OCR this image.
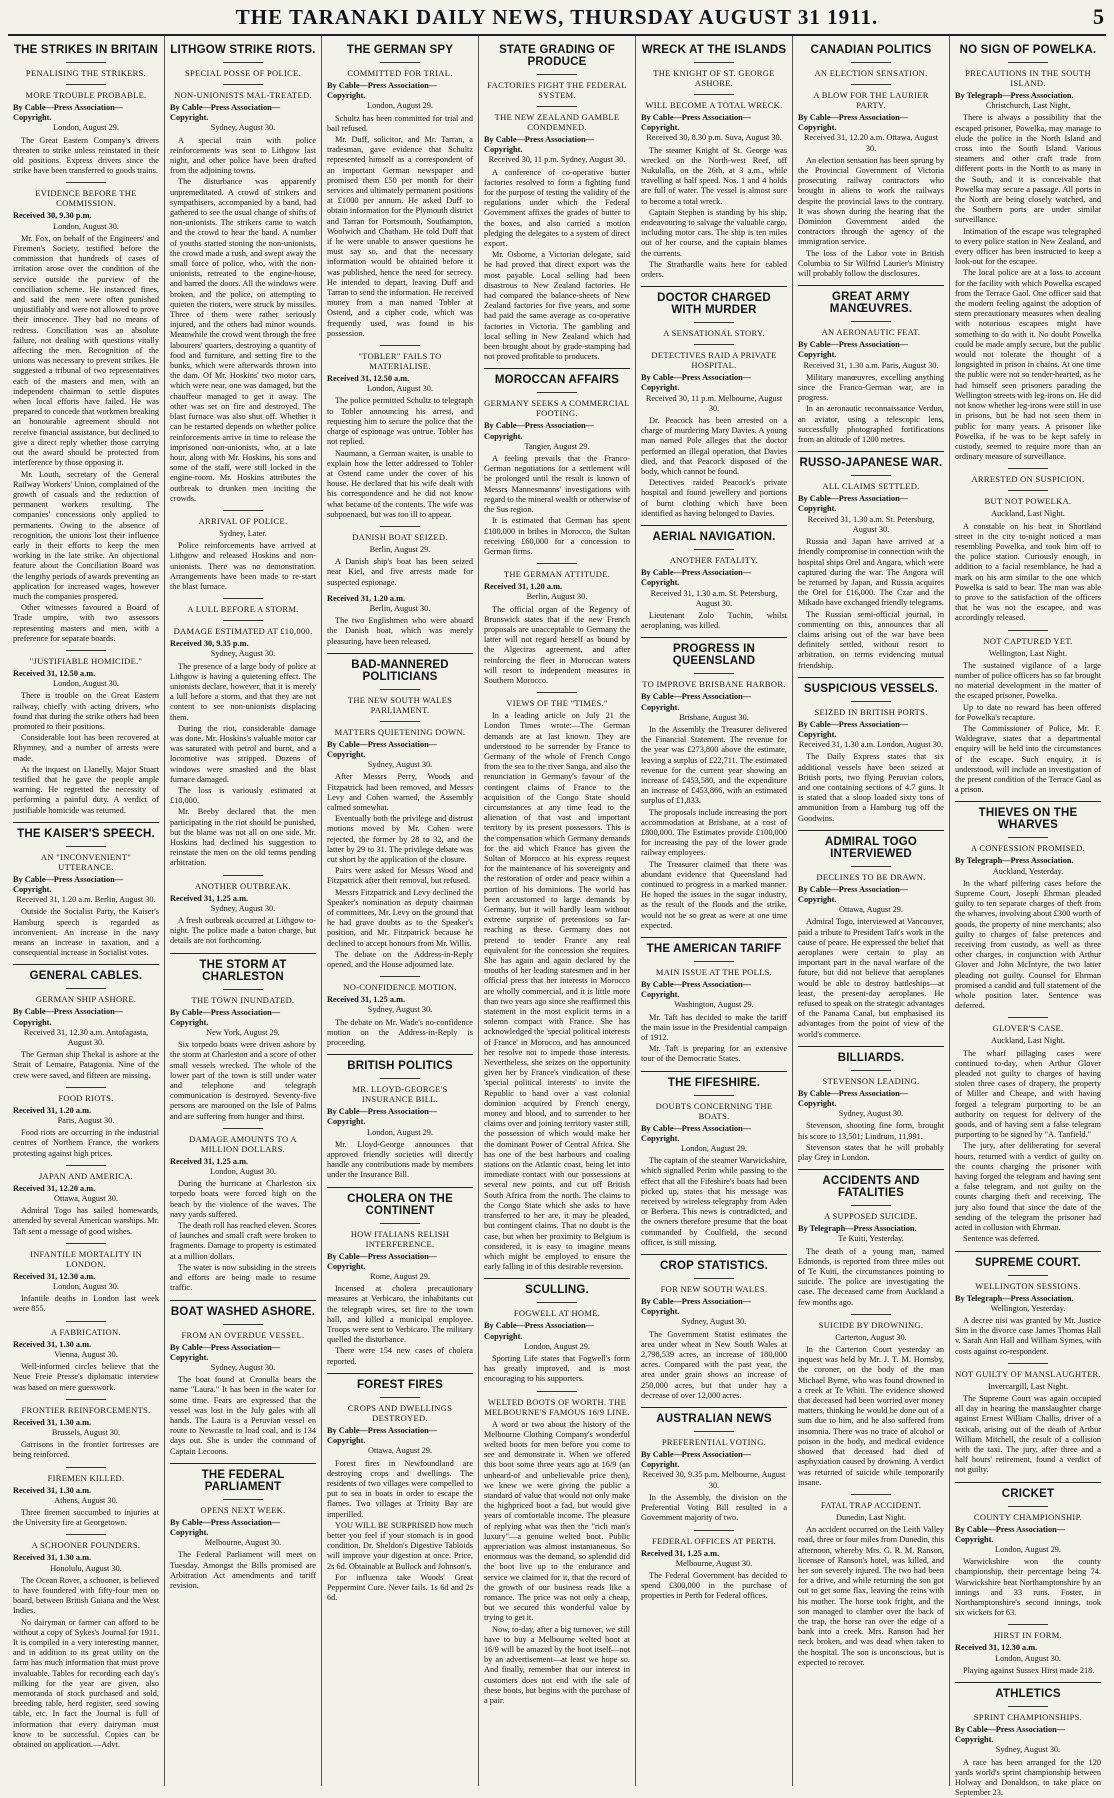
THE TARANAKI DAILY NEWS, THURSDAY AUGUST 31 1911.	5
THE STRIKES IN BRITAIN
PENALISING THE STRIKERS.
MORE TROUBLE PROBABLE.
By Cable—Press Association—Copyright.
London, August 29.

The Great Eastern Company's drivers threaten to strike unless reinstated in their old positions. Express drivers since the strike have been transferred to goods trains.

EVIDENCE BEFORE THE COMMISSION.
Received 30, 9.30 p.m.
London, August 30.

Mr. Fox, on behalf of the Engineers' and Firemen's Society, testified before the commission that hundreds of cases of irritation arose over the condition of the service outside the purview of the conciliation scheme. He instanced fines, and said the men were often punished unjustifiably and were not allowed to prove their innocence. They had no means of redress. Conciliation was an absolute failure, not dealing with questions vitally affecting the men. Recognition of the unions was necessary to prevent strikes. He suggested a tribunal of two representatives each of the masters and men, with an independent chairman to settle disputes when local efforts have failed. He was prepared to concede that workmen breaking an honourable agreement should not receive financial assistance, but declined to give a direct reply whether those carrying out the award should be protected from interference by those opposing it.

Mr. Louth, secretary of the General Railway Workers' Union, complained of the growth of casuals and the reduction of permanent workers resulting. The companies' concessions only applied to permanents. Owing to the absence of recognition, the unions lost their influence early in their efforts to keep the men working in the late strike. An objectional feature about the Conciliation Board was the lengthy periods of awards preventing an application for increased wages, however much the companies prospered.

Other witnesses favoured a Board of Trade umpire, with two assessors representing masters and men, with a preference for separate boards.

"JUSTIFIABLE HOMICIDE."
Received 31, 12.50 a.m.
London, August 30.

There is trouble on the Great Eastern railway, chiefly with acting drivers, who found that during the strike others had been promoted to their positions.

Considerable loot has been recovered at Rhymney, and a number of arrests were made.

At the inquest on Llanelly, Major Stuart testified that he gave the people ample warning. He regretted the necessity of performing a painful duty. A verdict of justifiable homicide was returned.

THE KAISER'S SPEECH.
AN "INCONVENIENT" UTTERANCE.
By Cable—Press Association—Copyright.
Received 31, 1.20 a.m. Berlin, August 30.

Outside the Socialist Party, the Kaiser's Hamburg speech is regarded as inconvenient. An increase in the navy means an increase in taxation, and a consequential increase in Socialist votes.

GENERAL CABLES.
GERMAN SHIP ASHORE.
By Cable—Press Association—Copyright.
Received 31, 12.30 a.m. Antofagasta, August 30.

The German ship Thekal is ashore at the Strait of Lemaire, Patagonia. Nine of the crew were saved, and fifteen are missing.

FOOD RIOTS.
Received 31, 1.20 a.m.
Paris, August 30.

Food riots are occurring in the industrial centres of Northern France, the workers protesting against high prices.

JAPAN AND AMERICA.
Received 31, 12.20 a.m.
Ottawa, August 30.

Admiral Togo has sailed homewards, attended by several American warships. Mr. Taft sent a message of good wishes.

INFANTILE MORTALITY IN LONDON.
Received 31, 12.30 a.m.
London, August 30.

Infantile deaths in London last week were 855.

A FABRICATION.
Received 31, 1.30 a.m.
Vienna, August 30.

Well-informed circles believe that the Neue Freie Presse's diplomatic interview was based on mere guesswork.

FRONTIER REINFORCEMENTS.
Received 31, 1.30 a.m.
Brussels, August 30.

Garrisons in the frontier fortresses are being reinforced.

FIREMEN KILLED.
Received 31, 1.30 a.m.
Athens, August 30.

Three firemen succumbed to injuries at the University fire at Georgetown.

A SCHOONER FOUNDERS.
Received 31, 1.30 a.m.
Honolulu, August 30.

The Ocean Rover, a schooner, is believed to have foundered with fifty-four men on board, between British Guiana and the West Indies.

No dairyman or farmer can afford to be without a copy of Sykes's Journal for 1911. It is compiled in a very interesting manner, and in addition to its great utility on the farm has much information that must prove invaluable. Tables for recording each day's milking for the year are given, also memoranda of stock purchased and sold, breeding table, herd register, seed sowing table, etc. In fact the Journal is full of information that every dairyman must know to be successful. Copies can be obtained on application.—Advt.

LITHGOW STRIKE RIOTS.
SPECIAL POSSE OF POLICE.
NON-UNIONISTS MAL-TREATED.
By Cable—Press Association—Copyright.
Sydney, August 30.

A special train with police reinforcements was sent to Lithgow last night, and other police have been drafted from the adjoining towns.

The disturbance was apparently unpremeditated. A crowd of strikers and sympathisers, accompanied by a band, had gathered to see the usual change of shifts of non-unionists. The strikers came to watch and the crowd to hear the band. A number of youths started stoning the non-unionists, the crowd made a rush, and swept away the small force of police, who, with the non-unionists, retreated to the engine-house, and barred the doors. All the windows were broken, and the police, on attempting to quieten the rioters, were struck by missiles. Three of them were rather seriously injured, and the others had minor wounds. Meanwhile the crowd went through the free labourers' quarters, destroying a quantity of food and furniture, and setting fire to the bunks, which were afterwards thrown into the dam. Of Mr. Hoskins' two motor cars, which were near, one was damaged, but the chauffeur managed to get it away. The other was set on fire and destroyed. The blast furnace was also shut off. Whether it can be restarted depends on whether police reinforcements arrive in time to release the imprisoned non-unionists, who, at a late hour, along with Mr. Hoskins, his sons and some of the staff, were still locked in the engine-room. Mr. Hoskins attributes the outbreak to drunken men inciting the crowds.

ARRIVAL OF POLICE.
Sydney, Later.

Police reinforcements have arrived at Lithgow and released Hoskins and non-unionists. There was no demonstration. Arrangements have been made to re-start the blast furnace.

A LULL BEFORE A STORM.
DAMAGE ESTIMATED AT £10,000.
Received 30, 9.35 p.m.
Sydney, August 30.

The presence of a large body of police at Lithgow is having a quietening effect. The unionists declare, however, that it is merely a lull before a storm, and that they are not content to see non-unionists displacing them.

During the riot, considerable damage was done. Mr. Hoskins's valuable motor car was saturated with petrol and burnt, and a locomotive was stripped. Dozens of windows were smashed and the blast furnace damaged.

The loss is variously estimated at £10,000.

Mr. Beeby declared that the men participating in the riot should be punished, but the blame was not all on one side. Mr. Hoskins had declined his suggestion to reinstate the men on the old terms pending arbitration.

ANOTHER OUTBREAK.
Received 31, 1.25 a.m.
Sydney, August 30.

A fresh outbreak occurred at Lithgow to-night. The police made a baton charge, but details are not forthcoming.

THE STORM AT CHARLESTON
THE TOWN INUNDATED.
By Cable—Press Association—Copyright.
New York, August 29.

Six torpedo boats were driven ashore by the storm at Charleston and a score of other small vessels wrecked. The whole of the lower part of the town is still under water and telephone and telegraph communication is destroyed. Seventy-five persons are marooned on the Isle of Palms and are suffering from hunger and thirst.

DAMAGE AMOUNTS TO A MILLION DOLLARS.
Received 31, 1.25 a.m.
London, August 30.

During the hurricane at Charleston six torpedo boats were forced high on the beach by the violence of the waves. The navy yards suffered.

The death roll has reached eleven. Scores of launches and small craft were broken to fragments. Damage to property is estimated at a million dollars.

The water is now subsiding in the streets and efforts are being made to resume traffic.

BOAT WASHED ASHORE.
FROM AN OVERDUE VESSEL.
By Cable—Press Association—Copyright.
Sydney, August 30.

The boat found at Cronulla bears the name "Laura." It has been in the water for some time. Fears are expressed that the vessel was lost in the July gales with all hands. The Laura is a Peruvian vessel en route to Newcastle to load coal, and is 134 days out. She is under the command of Captain Lecoons.

THE FEDERAL PARLIAMENT
OPENS NEXT WEEK.
By Cable—Press Association—Copyright.
Melbourne, August 30.

The Federal Parliament will meet on Tuesday. Amongst the Bills promised are Arbitration Act amendments and tariff revision.

THE GERMAN SPY
COMMITTED FOR TRIAL.
By Cable—Press Association—Copyright.
London, August 29.

Schultz has been committed for trial and bail refused.

Mr. Duff, solicitor, and Mr. Tarran, a tradesman, gave evidence that Schultz represented himself as a correspondent of an important German newspaper and promised them £50 per month for their services and ultimately permanent positions at £1000 per annum. He asked Duff to obtain information for the Plymouth district and Tarran for Portsmouth, Southampton, Woolwich and Chatham. He told Duff that if he were unable to answer questions he must say so, and that the necessary information would be obtained before it was published, hence the need for secrecy. He intended to depart, leaving Duff and Tarran to send the information. He received money from a man named Tobler at Ostend, and a cipher code, which was frequently used, was found in his possession.

"TOBLER" FAILS TO MATERIALISE.
Received 31, 12.50 a.m.
London, August 30.

The police permitted Schultz to telegraph to Tobler announcing his arrest, and requesting him to secure the police that the charge of espionage was untrue. Tobler has not replied.

Naumann, a German waiter, is unable to explain how the letter addressed to Tobler at Ostend came under the cover of his house. He declared that his wife dealt with his correspondence and he did not know what became of the contents. The wife was subpoenaed, but was too ill to appear.

DANISH BOAT SEIZED.
Berlin, August 29.

A Danish ship's boat has been seized near Kiel, and five arrests made for suspected espionage.

Received 31, 1.20 a.m.
Berlin, August 30.

The two Englishmen who were aboard the Danish boat, which was merely pleasuring, have been released.

BAD-MANNERED POLITICIANS
THE NEW SOUTH WALES PARLIAMENT.
MATTERS QUIETENING DOWN.
By Cable—Press Association—Copyright.
Sydney, August 30.

After Messrs Perry, Woods and Fitzpatrick had been removed, and Messrs Levy and Cohen warned, the Assembly calmed somewhat.

Eventually both the privilege and distrust motions moved by Mr. Cohen were rejected, the former by 28 to 32, and the latter by 29 to 31. The privilege debate was cut short by the application of the closure.

Pairs were asked for Messrs Wood and Fitzpatrick after their removal, but refused.

Messrs Fitzpatrick and Levy declined the Speaker's nomination as deputy chairman of committees, Mr. Levy on the ground that he had grave doubts as to the Speaker's position, and Mr. Fitzpatrick because he declined to accept honours from Mr. Willis.

The debate on the Address-in-Reply opened, and the House adjourned late.

NO-CONFIDENCE MOTION.
Received 31, 1.25 a.m.
Sydney, August 30.

The debate on Mr. Wade's no-confidence motion on the Address-in-Reply is proceeding.

BRITISH POLITICS
MR. LLOYD-GEORGE'S INSURANCE BILL.
By Cable—Press Association—Copyright.
London, August 29.

Mr. Lloyd-George announces that approved friendly societies will directly handle any contributions made by members under the Insurance Bill.

CHOLERA ON THE CONTINENT
HOW ITALIANS RELISH INTERFERENCE.
By Cable—Press Association—Copyright.
Rome, August 29.

Incensed at cholera precautionary measures at Verbicaro, the inhabitants cut the telegraph wires, set fire to the town hall, and killed a municipal employee. Troops were sent to Verbicaro. The military quelled the disturbance.

There were 154 new cases of cholera reported.

FOREST FIRES
CROPS AND DWELLINGS DESTROYED.
By Cable—Press Association—Copyright.
Ottawa, August 29.

Forest fires in Newfoundland are destroying crops and dwellings. The residents of two villages were compelled to put to sea in boats in order to escape the flames. Two villages at Trinity Bay are imperilled.

YOU WILL BE SURPRISED how much better you feel if your stomach is in good condition. Dr. Sheldon's Digestive Tabloids will improve your digestion at once. Price, 2s 6d. Obtainable at Bullock and Johnson's.

For influenza take Woods' Great Peppermint Cure. Never fails. 1s 6d and 2s 6d.

STATE GRADING OF PRODUCE
FACTORIES FIGHT THE FEDERAL SYSTEM.
THE NEW ZEALAND GAMBLE CONDEMNED.
By Cable—Press Association—Copyright.
Received 30, 11 p.m. Sydney, August 30.

A conference of co-operative butter factories resolved to form a fighting fund for the purpose of testing the validity of the regulations under which the Federal Government affixes the grades of butter to the boxes, and also carried a motion pledging the delegates to a system of direct export.

Mr. Osborne, a Victorian delegate, said he had proved that direct export was the most payable. Local selling had been disastrous to New Zealand factories. He had compared the balance-sheets of New Zealand factories for five years, and some had paid the same average as co-operative factories in Victoria. The gambling and local selling in New Zealand which had been brought about by grade-stamping had not proved profitable to producers.

MOROCCAN AFFAIRS
GERMANY SEEKS A COMMERCIAL FOOTING.
By Cable—Press Association—Copyright.
Tangier, August 29.

A feeling prevails that the Franco-German negotiations for a settlement will be prolonged until the result is known of Messrs Mannesmanns' investigations with regard to the mineral wealth or otherwise of the Sus region.

It is estimated that German has spent £100,000 in bribes in Morocco, the Sultan receiving £60,000 for a concession to German firms.

THE GERMAN ATTITUDE.
Received 31, 1.20 a.m.
Berlin, August 30.

The official organ of the Regency of Brunswick states that if the new French proposals are unacceptable to Germany the latter will not regard herself as bound by the Algeciras agreement, and after reinforcing the fleet in Moroccan waters will resort to independent measures in Southern Morocco.

VIEWS OF THE "TIMES."

In a leading article on July 21 the London Times wrote:—The German demands are at last known. They are understood to be surrender by France to Germany of the whole of French Congo from the sea to the river Sanga, and also the renunciation in Germany's favour of the contingent claims of France to the acquisition of the Congo State should circumstances at any time lead to the alienation of that vast and important territory by its present possessors. This is the compensation which Germany demands for the aid which France has given the Sultan of Morocco at his express request for the maintenance of his sovereignty and the restoration of order and peace within a portion of his dominions. The world has been accustomed to large demands by Germany, but it will hardly learn without extreme surprise of pretensions so far-reaching as these. Germany does not pretend to tender France any real equivalent for the concession she requires. She has again and again declared by the mouths of her leading statesmen and in her official press that her interests in Morocco are wholly commercial, and it is little more than two years ago since she reaffirmed this statement in the most explicit terms in a solemn compact with France. She has acknowledged the 'special political interests of France' in Morocco, and has announced her resolve not to impede those interests. Nevertheless, she seizes on the opportunity given her by France's vindication of these 'special political interests' to invite the Republic to hand over a vast colonial dominion acquired by French energy, money and blood, and to surrender to her claims over and joining territory vaster still, the possession of which would make her the dominant Power of Central Africa. She has one of the best harbours and coaling stations on the Atlantic coast, being let into immediate contact with our possessions at several new points, and cut off British South Africa from the north. The claims to the Congo State which she asks to have transferred to her are, it may be pleaded, but contingent claims. That no doubt is the case, but when her proximity to Belgium is considered, it is easy to imagine means which might be employed to ensure the early falling in of this desirable reversion.

SCULLING.
FOGWELL AT HOME.
By Cable—Press Association—Copyright.
London, August 29.

Sporting Life states that Fogwell's form has greatly improved, and is most encouraging to his supporters.

WELTED BOOTS OF WORTH. THE MELBOURNE'S FAMOUS 16/9 LINE.

A word or two about the history of the Melbourne Clothing Company's wonderful welted boots for men before you come to see and demonstrate it. When we offered this boot some three years ago at 16/9 (an unheard-of and unbelievable price then), we knew we were giving the public a standard of value that would not only make the highpriced boot a fad, but would give years of comfortable income. The pleasure of replying what was then the "rich man's luxury"—a genuine welted boot. Public appreciation was almost instantaneous. So enormous was the demand, so splendid did the boot live up to the endurance and service we claimed for it, that the record of the growth of our business reads like a romance. The price was not only a cheap, but we secured this wonderful value by trying to get it.

Now, to-day, after a big turnover, we still have to buy a Melbourne welted boot at 16/9 will be amazed by the boot itself—not by an advertisement—at least we hope so. And finally, remember that our interest in customers does not end with the sale of these boots, but begins with the purchase of a pair.

WRECK AT THE ISLANDS
THE KNIGHT OF ST. GEORGE ASHORE.
WILL BECOME A TOTAL WRECK.
By Cable—Press Association—Copyright.
Received 30, 8.30 p.m. Suva, August 30.

The steamer Knight of St. George was wrecked on the North-west Reef, off Nukulalla, on the 26th, at 3 a.m., while travelling at half speed. Nos. 1 and 4 holds are full of water. The vessel is almost sure to become a total wreck.

Captain Stephen is standing by his ship, endeavouring to salvage the valuable cargo, including motor cars. The ship is ten miles out of her course, and the captain blames the currents.

The Strathardle waits here for cabled orders.

DOCTOR CHARGED WITH MURDER
A SENSATIONAL STORY.
DETECTIVES RAID A PRIVATE HOSPITAL.
By Cable—Press Association—Copyright.
Received 30, 11 p.m. Melbourne, August 30.

Dr. Peacock has been arrested on a charge of murdering Mary Davies. A young man named Pole alleges that the doctor performed an illegal operation, that Davies died, and that Peacock disposed of the body, which cannot be found.

Detectives raided Peacock's private hospital and found jewellery and portions of burnt clothing which have been identified as having belonged to Davies.

AERIAL NAVIGATION.
ANOTHER FATALITY.
By Cable—Press Association—Copyright.
Received 31, 1.30 a.m. St. Petersburg, August 30.

Lieutenant Zolo Tuchin, whilst aeroplaning, was killed.

PROGRESS IN QUEENSLAND
TO IMPROVE BRISBANE HARBOR.
By Cable—Press Association—Copyright.
Brisbane, August 30.

In the Assembly the Treasurer delivered the Financial Statement. The revenue for the year was £273,800 above the estimate, leaving a surplus of £22,711. The estimated revenue for the current year showing an increase of £453,580, and the expenditure an increase of £453,866, with an estimated surplus of £1,833.

The proposals include increasing the port accommodation at Brisbane, at a cost of £800,000. The Estimates provide £100,000 for increasing the pay of the lower grade railway employees.

The Treasurer claimed that there was abundant evidence that Queensland had continued to progress in a marked manner. He hoped the issues in the sugar industry, as the result of the floods and the strike, would not be so great as were at one time expected.

THE AMERICAN TARIFF
MAIN ISSUE AT THE POLLS.
By Cable—Press Association—Copyright.
Washington, August 29.

Mr. Taft has decided to make the tariff the main issue in the Presidential campaign of 1912.

Mr. Taft is preparing for an extensive tour of the Democratic States.

THE FIFESHIRE.
DOUBTS CONCERNING THE BOATS.
By Cable—Press Association—Copyright.
London, August 29.

The captain of the steamer Warwickshire, which signalled Perim while passing to the effect that all the Fifeshire's boats had been picked up, states that his message was received by wireless telegraphy from Aden or Berbera. This news is contradicted, and the owners therefore presume that the boat commanded by Coulfield, the second officer, is still missing.

CROP STATISTICS.
FOR NEW SOUTH WALES.
By Cable—Press Association—Copyright.
Sydney, August 30.

The Government Statist estimates the area under wheat in New South Wales at 2,798,539 acres, an increase of 180,000 acres. Compared with the past year, the area under grain shows an increase of 250,000 acres, but that under hay a decrease of over 12,000 acres.

AUSTRALIAN NEWS
PREFERENTIAL VOTING.
By Cable—Press Association—Copyright.
Received 30, 9.35 p.m. Melbourne, August 30.

In the Assembly, the division on the Preferential Voting Bill resulted in a Government majority of two.

FEDERAL OFFICES AT PERTH.
Received 31, 1.25 a.m.
Melbourne, August 30.

The Federal Government has decided to spend £300,000 in the purchase of properties in Perth for Federal offices.

CANADIAN POLITICS
AN ELECTION SENSATION.
A BLOW FOR THE LAURIER PARTY.
By Cable—Press Association—Copyright.
Received 31, 12.20 a.m. Ottawa, August 30.

An election sensation has been sprung by the Provincial Government of Victoria prosecuting railway contractors who brought in aliens to work the railways despite the provincial laws to the contrary. It was shown during the hearing that the Dominion Government aided the contractors through the agency of the immigration service.

The loss of the Labor vote in British Columbia to Sir Wilfrid Laurier's Ministry will probably follow the disclosures.

GREAT ARMY MANŒUVRES.
AN AERONAUTIC FEAT.
By Cable—Press Association—Copyright.
Received 31, 1.30 a.m. Paris, August 30.

Military manœuvres, excelling anything since the Franco-German war, are in progress.

In an aeronautic reconnaissance Verdun, an aviator, using a telescopic lens, successfully photographed fortifications from an altitude of 1200 metres.

RUSSO-JAPANESE WAR.
ALL CLAIMS SETTLED.
By Cable—Press Association—Copyright.
Received 31, 1.30 a.m. St. Petersburg, August 30.

Russia and Japan have arrived at a friendly compromise in connection with the hospital ships Orel and Angara, which were captured during the war. The Angora will be returned by Japan, and Russia acquires the Orel for £16,000. The Czar and the Mikado have exchanged friendly telegrams.

The Russian semi-official journal, in commenting on this, announces that all claims arising out of the war have been definitely settled, without resort to arbitration, on terms evidencing mutual friendship.

SUSPICIOUS VESSELS.
SEIZED IN BRITISH PORTS.
By Cable—Press Association—Copyright.
Received 31, 1.30 a.m. London, August 30.

The Daily Express states that six additional vessels have been seized at British ports, two flying Peruvian colors, and one containing sections of 4.7 guns. It is stated that a sloop loaded sixty tons of ammunition from a Hamburg tug off the Goodwins.

ADMIRAL TOGO INTERVIEWED
DECLINES TO BE DRAWN.
By Cable—Press Association—Copyright.
Ottawa, August 29.

Admiral Togo, interviewed at Vancouver, paid a tribute to President Taft's work in the cause of peace. He expressed the belief that aeroplanes were certain to play an important part in the naval warfare of the future, but did not believe that aeroplanes would be able to destroy battleships—at least, the present-day aeroplanes. He refused to speak on the strategic advantages of the Panama Canal, but emphasised its advantages from the point of view of the world's commerce.

BILLIARDS.
STEVENSON LEADING.
By Cable—Press Association—Copyright.
Sydney, August 30.

Stevenson, shooting fine form, brought his score to 13,501; Lindrum, 11,991.

Stevenson states that he will probably play Grey in London.

ACCIDENTS AND FATALITIES
A SUPPOSED SUICIDE.
By Telegraph—Press Association.
Te Kuiti, Yesterday.

The death of a young man, named Edmonds, is reported from three miles out of Te Kuiti, the circumstances pointing to suicide. The police are investigating the case. The deceased came from Auckland a few months ago.

SUICIDE BY DROWNING.
Carterton, August 30.

In the Carterton Court yesterday an inquest was held by Mr. J. T. M. Hornsby, the coroner, on the body of the man Michael Byrne, who was found drowned in a creek at Te Whiti. The evidence showed that deceased had been worried over money matters, thinking he would be done out of a sum due to him, and he also suffered from insomnia. There was no trace of alcohol or poison in the body, and medical evidence showed that deceased had died of asphyxiation caused by drowning. A verdict was returned of suicide while temporarily insane.

FATAL TRAP ACCIDENT.
Dunedin, Last Night.

An accident occurred on the Leith Valley road, three or four miles from Dunedin, this afternoon, whereby Mrs. G. R. M. Ranson, licensee of Ranson's hotel, was killed, and her son severely injured. The two had been for a drive, and while returning the son got out to get some flax, leaving the reins with his mother. The horse took fright, and the son managed to clamber over the back of the trap, the horse ran over the edge of a bank into a creek. Mrs. Ranson had her neck broken, and was dead when taken to the hospital. The son is unconscious, but is expected to recover.

NO SIGN OF POWELKA.
PRECAUTIONS IN THE SOUTH ISLAND.
By Telegraph—Press Association.
Christchurch, Last Night.

There is always a possibility that the escaped prisoner, Powelka, may manage to elude the police in the North Island and cross into the South Island. Various steamers and other craft trade from different ports in the North to as many in the South, and it is conceivable that Powelka may secure a passage. All ports in the North are being closely watched, and the Southern ports are under similar surveillance.

Intimation of the escape was telegraphed to every police station in New Zealand, and every officer has been instructed to keep a look-out for the escapee.

The local police are at a loss to account for the facility with which Powelka escaped from the Terrace Gaol. One officer said that the modern feeling against the adoption of stern precautionary measures when dealing with notorious escapees might have something to do with it. No doubt Powelka could be made amply secure, but the public would not tolerate the thought of a longsighted in prison in chains. At one time the public were not so tender-hearted, as he had himself seen prisoners parading the Wellington streets with leg-irons on. He did not know whether leg-irons were still in use in prisons, but he had not seen them in public for many years. A prisoner like Powelka, if he was to be kept safely in custody, seemed to require more than an ordinary measure of surveillance.

ARRESTED ON SUSPICION.
BUT NOT POWELKA.
Auckland, Last Night.

A constable on his beat in Shortland street in the city to-night noticed a man resembling Powelka, and took him off to the police station. Curiously enough, in addition to a facial resemblance, he had a mark on his arm similar to the one which Powelka is said to bear. The man was able to prove to the satisfaction of the officers that he was not the escapee, and was accordingly released.

NOT CAPTURED YET.
Wellington, Last Night.

The sustained vigilance of a large number of police officers has so far brought no material development in the matter of the escaped prisoner, Powelka.

Up to date no reward has been offered for Powelka's recapture.

The Commissioner of Police, Mr. F. Waldegrave, states that a departmental enquiry will be held into the circumstances of the escape. Such enquiry, it is understood, will include an investigation of the present condition of the Terrace Gaol as a prison.

THIEVES ON THE WHARVES
A CONFESSION PROMISED.
By Telegraph—Press Association.
Auckland, Yesterday.

In the wharf pilfering cases before the Supreme Court, Joseph Ehrman pleaded guilty to ten separate charges of theft from the wharves, involving about £300 worth of goods, the property of nine merchants; also guilty to charges of false pretences and receiving from custody, as well as three other charges, in conjunction with Arthur Glover and John McIntyre, the two latter pleading not guilty. Counsel for Ehrman promised a candid and full statement of the whole position later. Sentence was deferred.

GLOVER'S CASE.
Auckland, Last Night.

The wharf pillaging cases were continued to-day, when Arthur Glover pleaded not guilty to charges of having stolen three cases of drapery, the property of Miller and Cheape, and with having forged a telegram purporting to be an authority on request for delivery of the goods, and of having sent a false telegram purporting to be signed by "A. Tanfield."

The jury, after deliberating for several hours, returned with a verdict of guilty on the counts charging the prisoner with having forged the telegram and having sent a false telegram, and not guilty on the counts charging theft and receiving. The jury also found that since the date of the sending of the telegram the prisoner had acted in collusion with Ehrman.

Sentence was deferred.

SUPREME COURT.
WELLINGTON SESSIONS.
By Telegraph—Press Association.
Wellington, Yesterday.

A decree nisi was granted by Mr. Justice Sim in the divorce case James Thomas Hall v. Sarah Ann Hall and William Symes, with costs against co-respondent.

NOT GUILTY OF MANSLAUGHTER.
Invercargill, Last Night.

The Supreme Court was again occupied all day in hearing the manslaughter charge against Ernest William Challis, driver of a taxicab, arising out of the death of Arthur William Mitchell, the result of a collision with the taxi. The jury, after three and a half hours' retirement, found a verdict of not guilty.

CRICKET
COUNTY CHAMPIONSHIP.
By Cable—Press Association—Copyright.
London, August 29.

Warwickshire won the county championship, their percentage being 74. Warwickshire beat Northamptonshire by an innings and 33 runs. Foster, in Northamptonshire's second innings, took six wickets for 63.

HIRST IN FORM.
Received 31, 12.30 a.m.
London, August 30.

Playing against Sussex Hirst made 218.

ATHLETICS
SPRINT CHAMPIONSHIPS.
By Cable—Press Association—Copyright.
Sydney, August 30.

A race has been arranged for the 120 yards world's sprint championship between Holway and Donaldson, to take place on September 23.
